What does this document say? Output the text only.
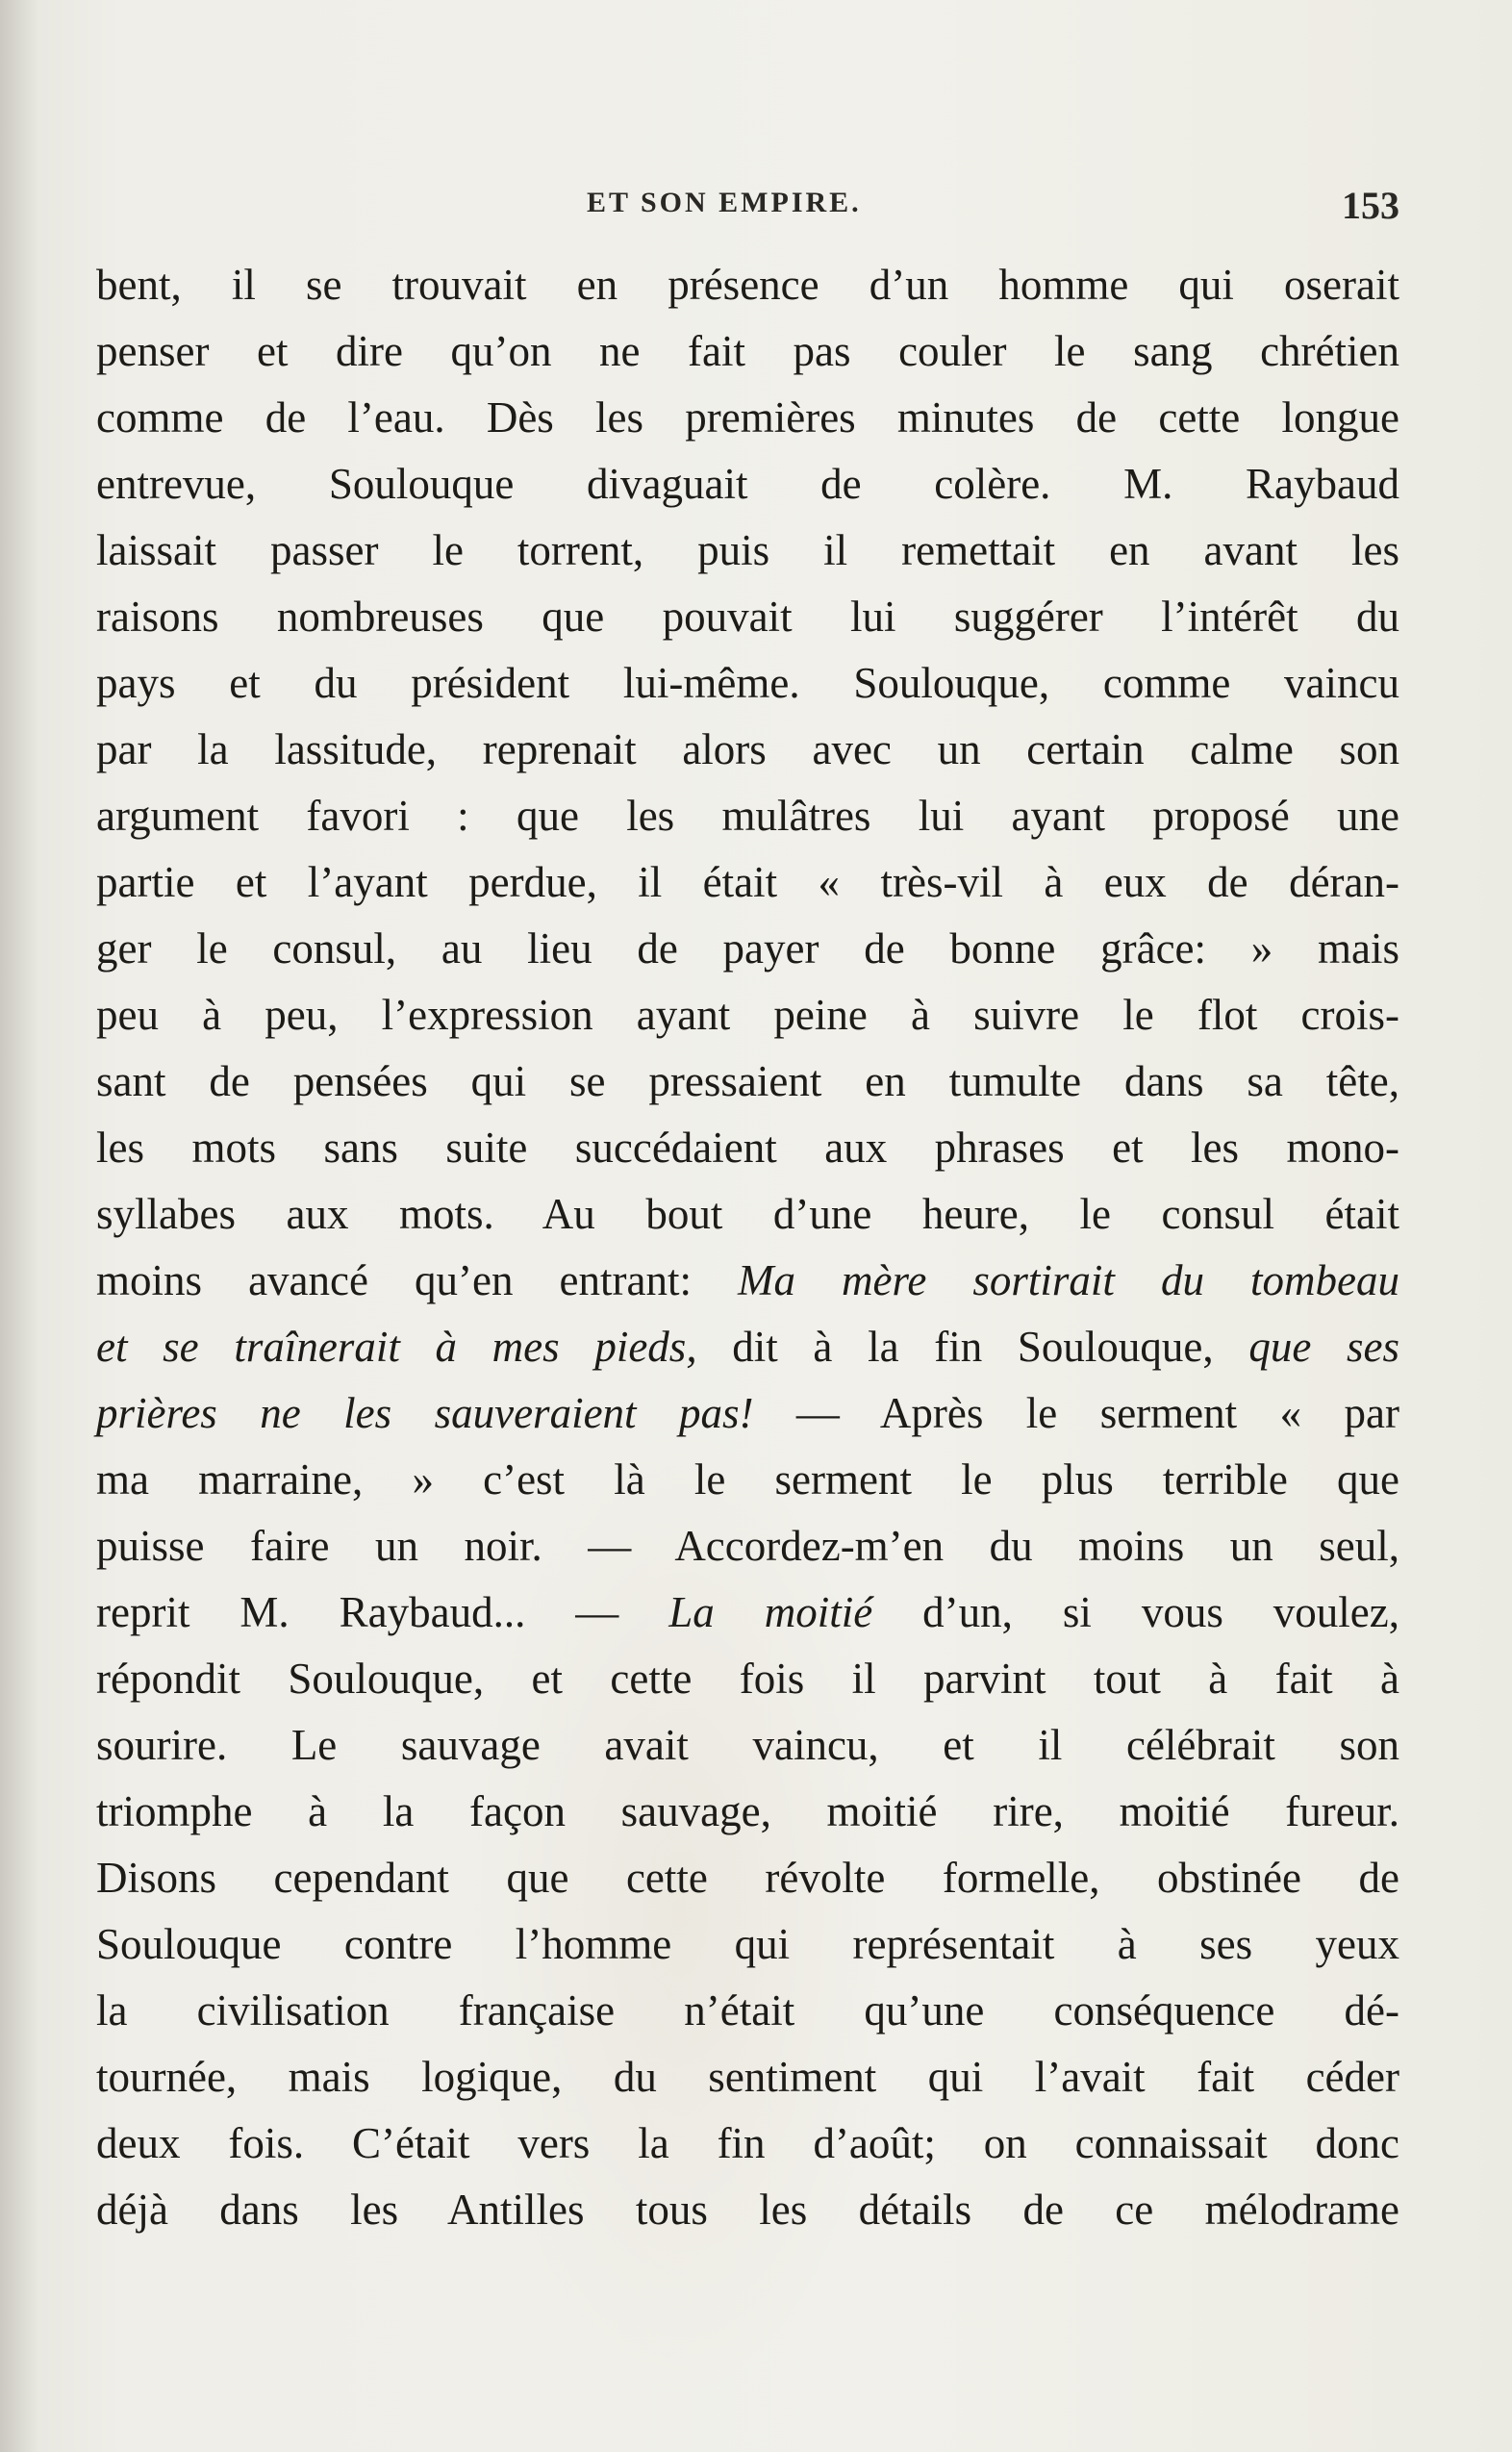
ET SON EMPIRE.	153
bent, il se trouvait en présence d’un homme qui oserait
penser et dire qu’on ne fait pas couler le sang chrétien
comme de l’eau. Dès les premières minutes de cette longue
entrevue, Soulouque divaguait de colère. M. Raybaud
laissait passer le torrent, puis il remettait en avant les
raisons nombreuses que pouvait lui suggérer l’intérêt du
pays et du président lui-même. Soulouque, comme vaincu
par la lassitude, reprenait alors avec un certain calme son
argument favori : que les mulâtres lui ayant proposé une
partie et l’ayant perdue, il était « très-vil à eux de déran-
ger le consul, au lieu de payer de bonne grâce: » mais
peu à peu, l’expression ayant peine à suivre le flot crois-
sant de pensées qui se pressaient en tumulte dans sa tête,
les mots sans suite succédaient aux phrases et les mono-
syllabes aux mots. Au bout d’une heure, le consul était
moins avancé qu’en entrant: Ma mère sortirait du tombeau
et se traînerait à mes pieds, dit à la fin Soulouque, que ses
prières ne les sauveraient pas! — Après le serment « par
ma marraine, » c’est là le serment le plus terrible que
puisse faire un noir. — Accordez-m’en du moins un seul,
reprit M. Raybaud... — La moitié d’un, si vous voulez,
répondit Soulouque, et cette fois il parvint tout à fait à
sourire. Le sauvage avait vaincu, et il célébrait son
triomphe à la façon sauvage, moitié rire, moitié fureur.
Disons cependant que cette révolte formelle, obstinée de
Soulouque contre l’homme qui représentait à ses yeux
la civilisation française n’était qu’une conséquence dé-
tournée, mais logique, du sentiment qui l’avait fait céder
deux fois. C’était vers la fin d’août; on connaissait donc
déjà dans les Antilles tous les détails de ce mélodrame
